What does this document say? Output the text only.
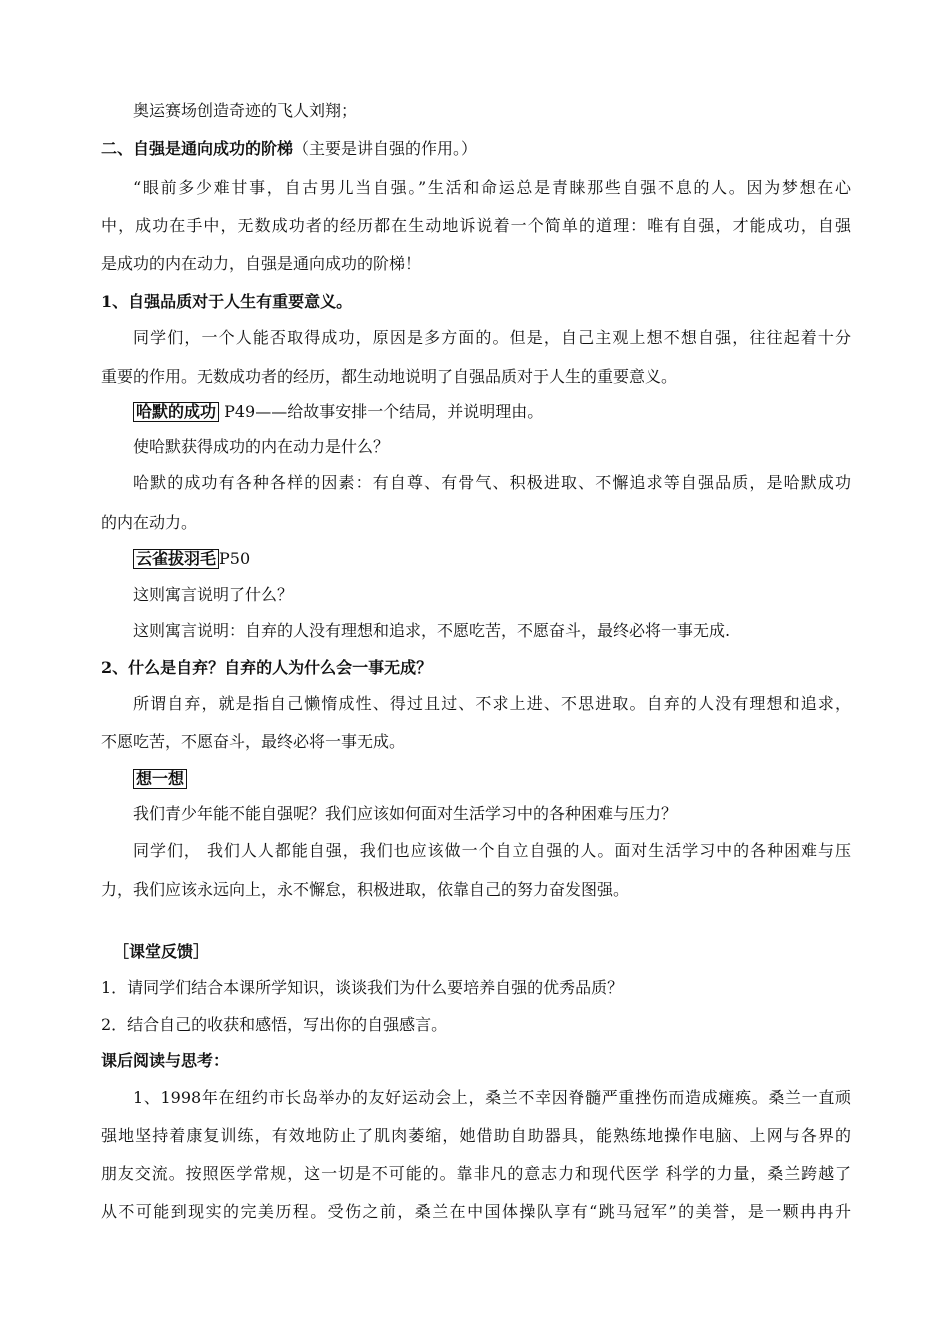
奥运赛场创造奇迹的飞人刘翔；
二、自强是通向成功的阶梯（主要是讲自强的作用。）
“眼前多少难甘事，自古男儿当自强。”生活和命运总是青睐那些自强不息的人。因为梦想在心
中，成功在手中，无数成功者的经历都在生动地诉说着一个简单的道理：唯有自强，才能成功，自强
是成功的内在动力，自强是通向成功的阶梯！
1、自强品质对于人生有重要意义。
同学们，一个人能否取得成功，原因是多方面的。但是，自己主观上想不想自强，往往起着十分
重要的作用。无数成功者的经历，都生动地说明了自强品质对于人生的重要意义。
哈默的成功 P49——给故事安排一个结局，并说明理由。
使哈默获得成功的内在动力是什么？
哈默的成功有各种各样的因素：有自尊、有骨气、积极进取、不懈追求等自强品质，是哈默成功
的内在动力。
云雀拔羽毛 P50
这则寓言说明了什么？
这则寓言说明：自弃的人没有理想和追求，不愿吃苦，不愿奋斗，最终必将一事无成.
2、什么是自弃？自弃的人为什么会一事无成？
所谓自弃，就是指自己懒惰成性、得过且过、不求上进、不思进取。自弃的人没有理想和追求，
不愿吃苦，不愿奋斗，最终必将一事无成。
想一想
我们青少年能不能自强呢？我们应该如何面对生活学习中的各种困难与压力？
同学们， 我们人人都能自强，我们也应该做一个自立自强的人。面对生活学习中的各种困难与压
力，我们应该永远向上，永不懈怠，积极进取，依靠自己的努力奋发图强。
［课堂反馈］
1．请同学们结合本课所学知识，谈谈我们为什么要培养自强的优秀品质？
2．结合自己的收获和感悟，写出你的自强感言。
课后阅读与思考：
1、1998年在纽约市长岛举办的友好运动会上，桑兰不幸因脊髓严重挫伤而造成瘫痪。桑兰一直顽
强地坚持着康复训练，有效地防止了肌肉萎缩，她借助自助器具，能熟练地操作电脑、上网与各界的
朋友交流。按照医学常规，这一切是不可能的。靠非凡的意志力和现代医学 科学的力量，桑兰跨越了
从不可能到现实的完美历程。受伤之前，桑兰在中国体操队享有“跳马冠军”的美誉，是一颗冉冉升
